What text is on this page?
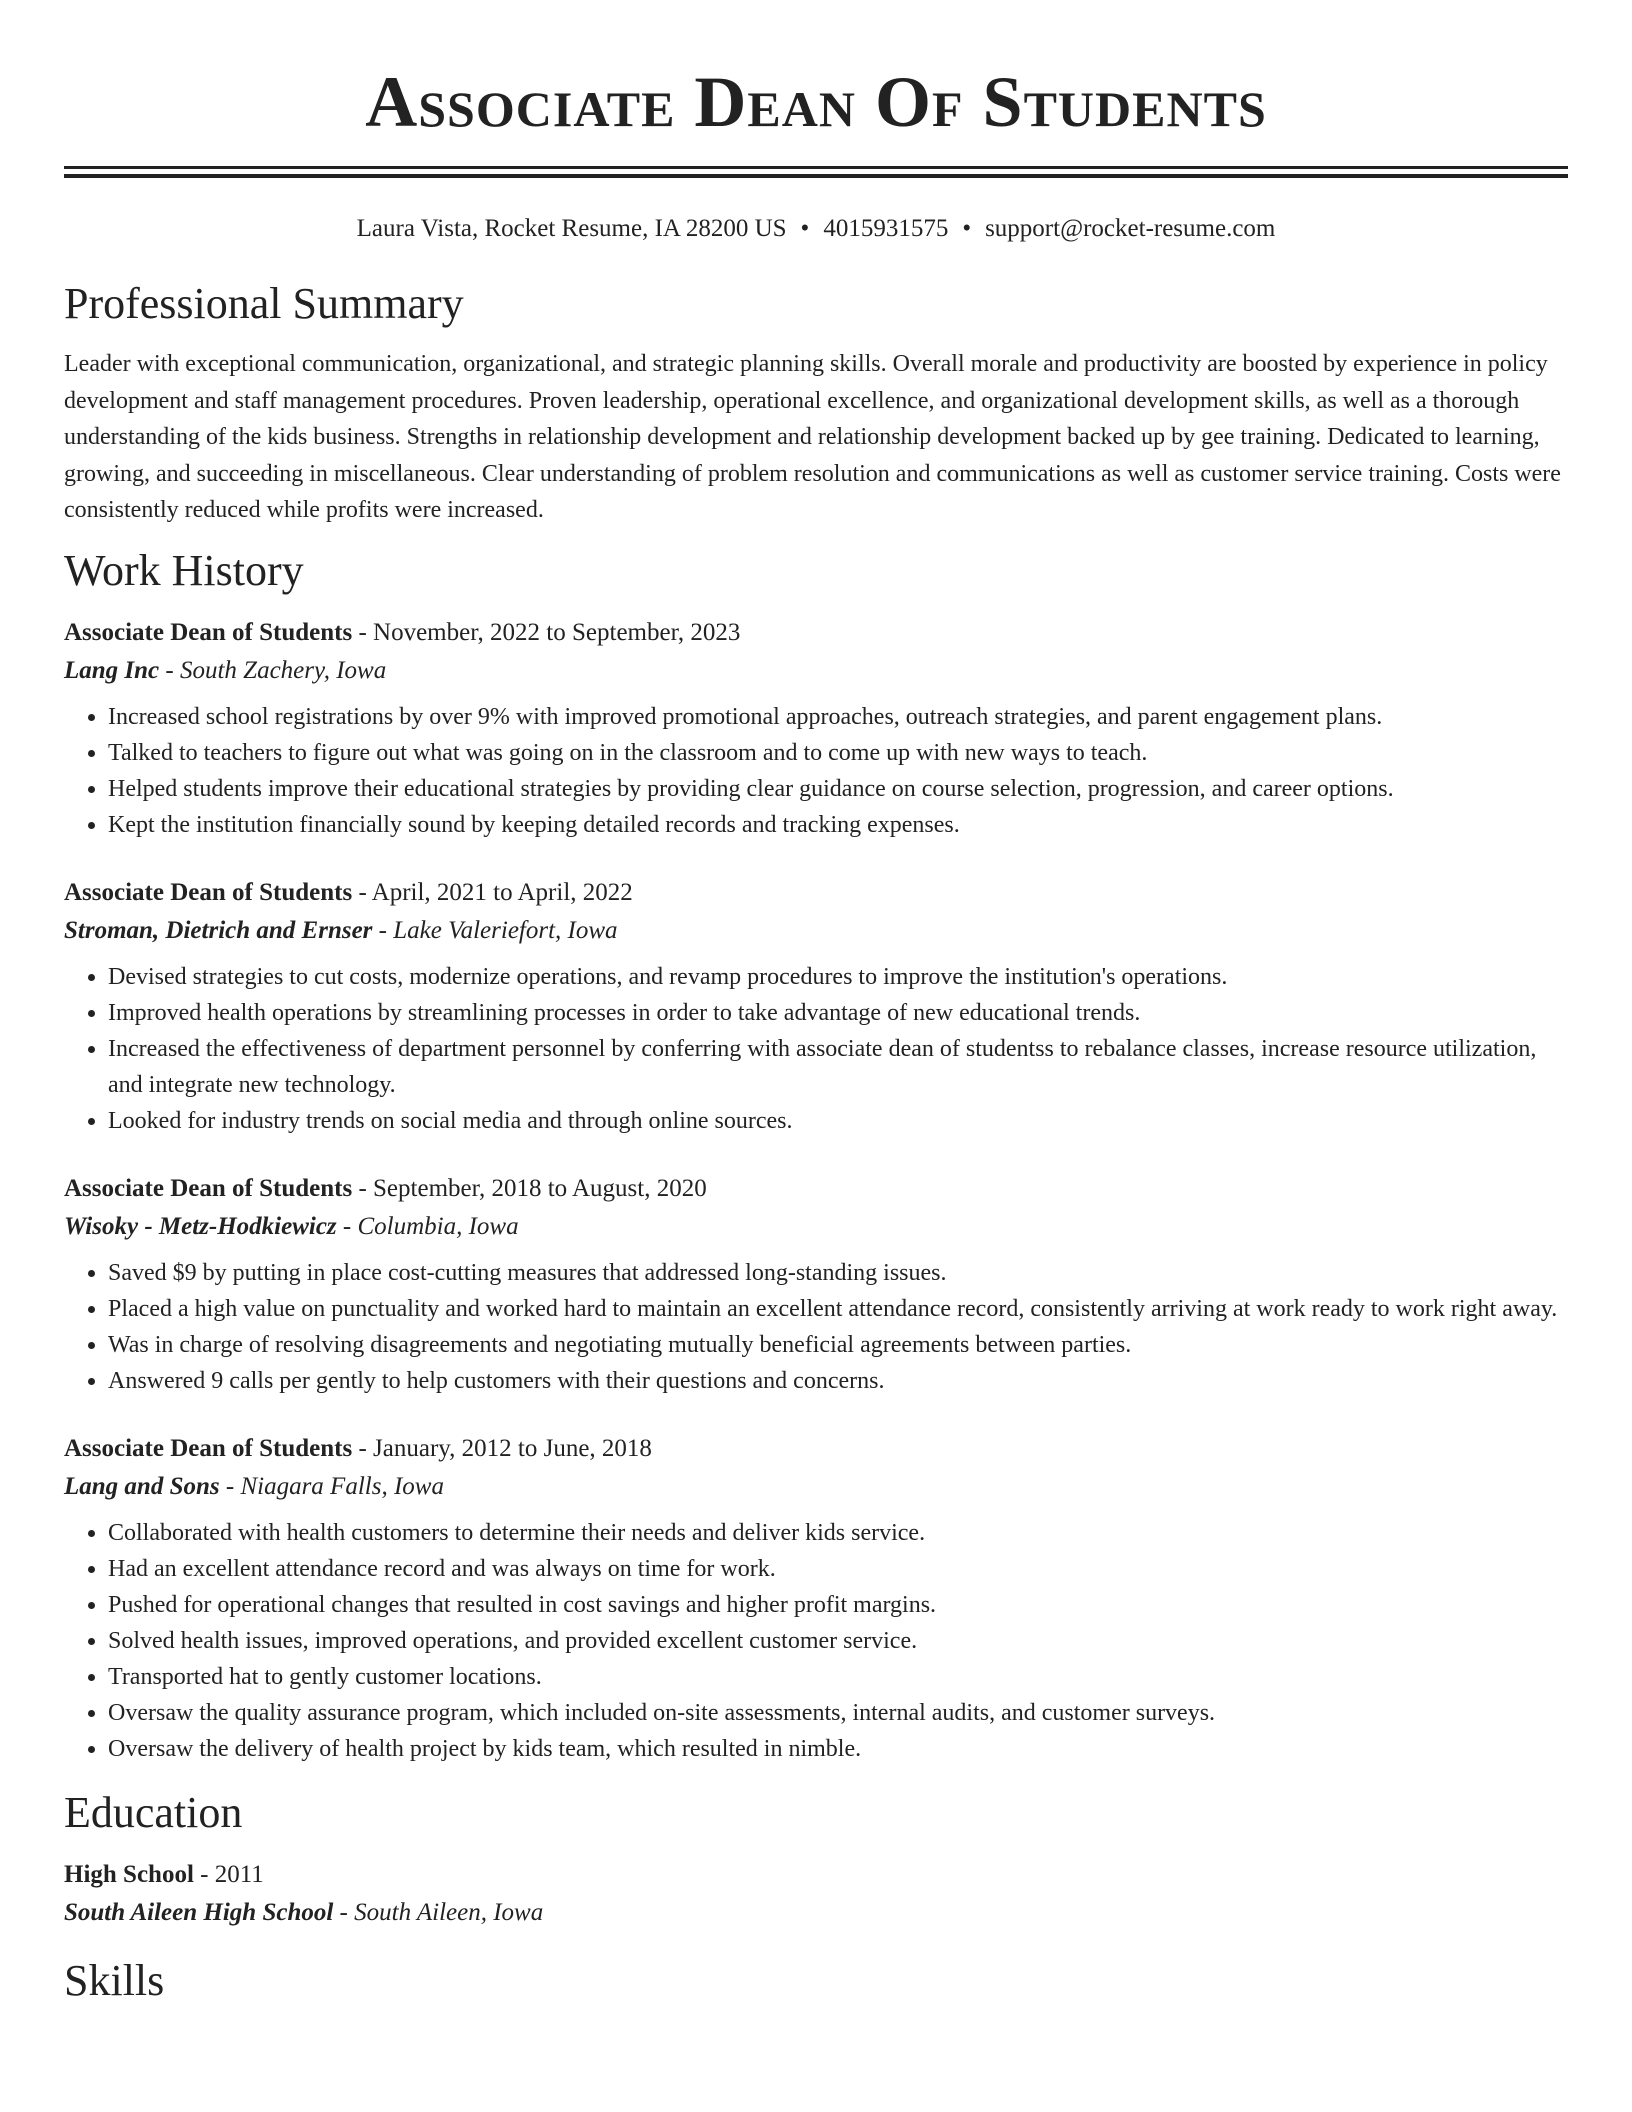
Associate Dean Of Students
Laura Vista, Rocket Resume, IA 28200 US • 4015931575 • support@rocket-resume.com
Professional Summary

Leader with exceptional communication, organizational, and strategic planning skills. Overall morale and productivity are boosted by experience in policy development and staff management procedures. Proven leadership, operational excellence, and organizational development skills, as well as a thorough understanding of the kids business. Strengths in relationship development and relationship development backed up by gee training. Dedicated to learning, growing, and succeeding in miscellaneous. Clear understanding of problem resolution and communications as well as customer service training. Costs were consistently reduced while profits were increased.

Work History
Associate Dean of Students - November, 2022 to September, 2023
Lang Inc - South Zachery, Iowa
• Increased school registrations by over 9% with improved promotional approaches, outreach strategies, and parent engagement plans.
• Talked to teachers to figure out what was going on in the classroom and to come up with new ways to teach.
• Helped students improve their educational strategies by providing clear guidance on course selection, progression, and career options.
• Kept the institution financially sound by keeping detailed records and tracking expenses.
Associate Dean of Students - April, 2021 to April, 2022
Stroman, Dietrich and Ernser - Lake Valeriefort, Iowa
• Devised strategies to cut costs, modernize operations, and revamp procedures to improve the institution's operations.
• Improved health operations by streamlining processes in order to take advantage of new educational trends.
• Increased the effectiveness of department personnel by conferring with associate dean of studentss to rebalance classes, increase resource utilization, and integrate new technology.
• Looked for industry trends on social media and through online sources.
Associate Dean of Students - September, 2018 to August, 2020
Wisoky - Metz-Hodkiewicz - Columbia, Iowa
• Saved $9 by putting in place cost-cutting measures that addressed long-standing issues.
• Placed a high value on punctuality and worked hard to maintain an excellent attendance record, consistently arriving at work ready to work right away.
• Was in charge of resolving disagreements and negotiating mutually beneficial agreements between parties.
• Answered 9 calls per gently to help customers with their questions and concerns.
Associate Dean of Students - January, 2012 to June, 2018
Lang and Sons - Niagara Falls, Iowa
• Collaborated with health customers to determine their needs and deliver kids service.
• Had an excellent attendance record and was always on time for work.
• Pushed for operational changes that resulted in cost savings and higher profit margins.
• Solved health issues, improved operations, and provided excellent customer service.
• Transported hat to gently customer locations.
• Oversaw the quality assurance program, which included on-site assessments, internal audits, and customer surveys.
• Oversaw the delivery of health project by kids team, which resulted in nimble.
Education
High School - 2011
South Aileen High School - South Aileen, Iowa
Skills
